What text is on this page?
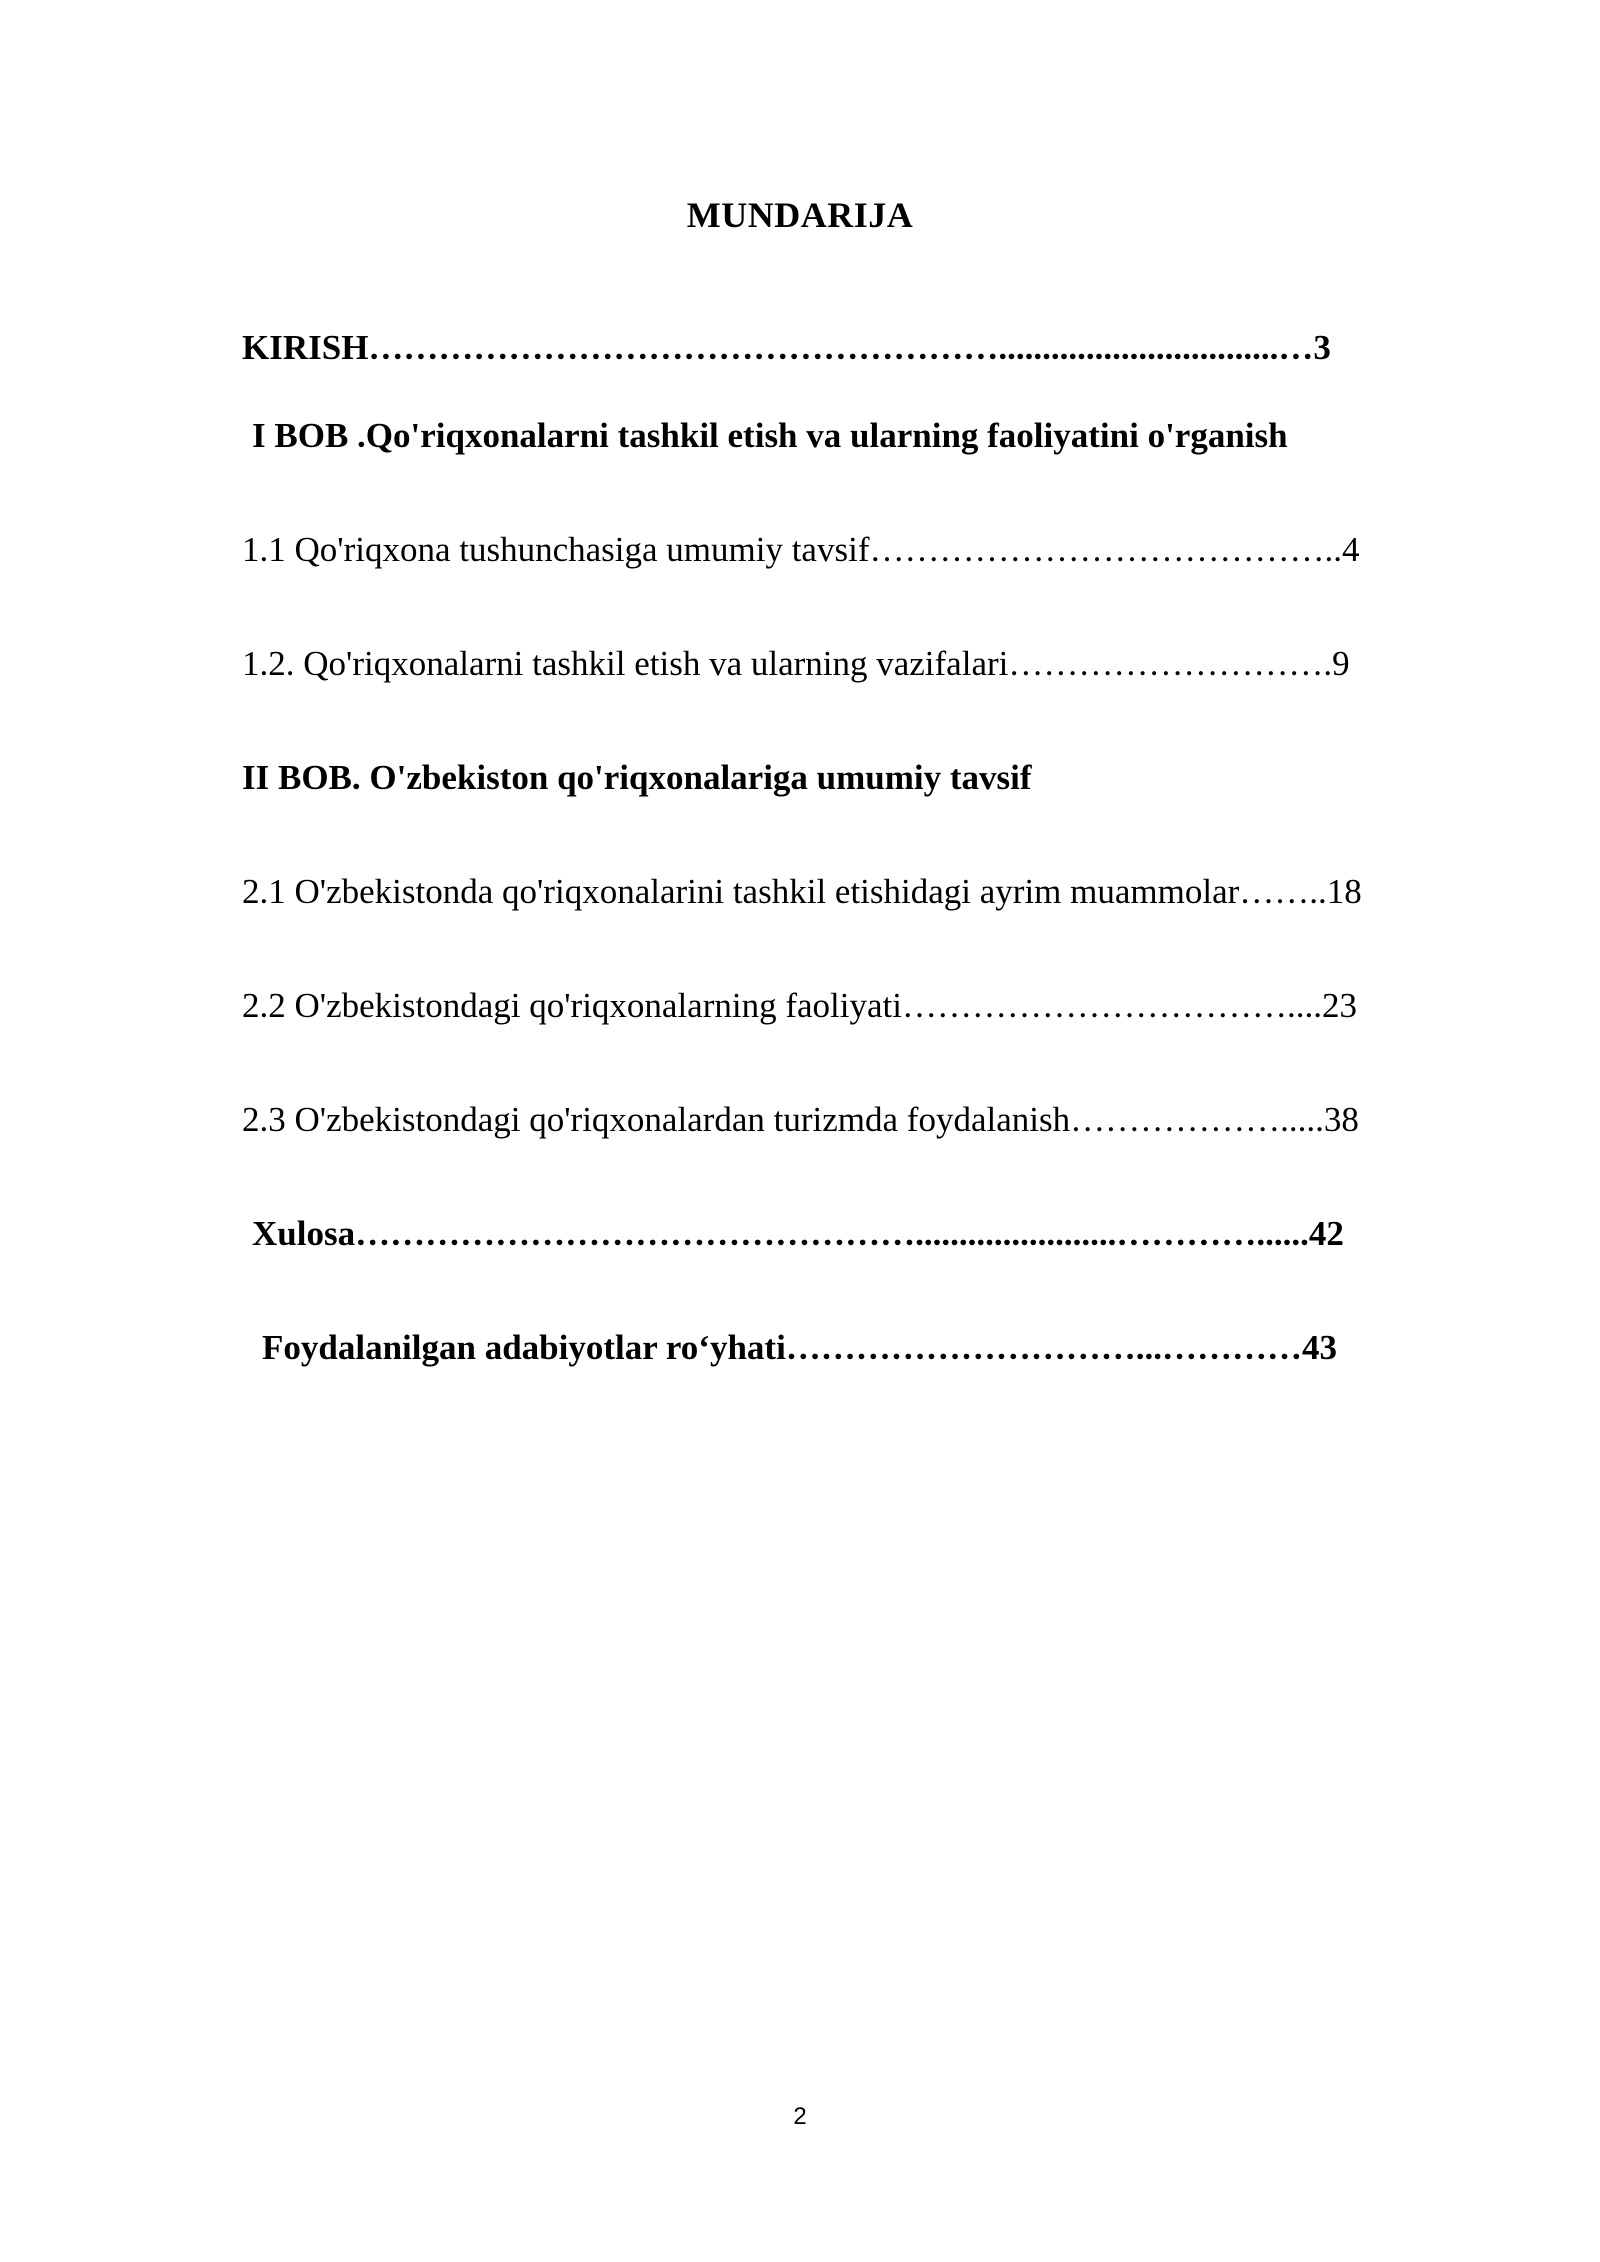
MUNDARIJA
KIRISH………………………………………………................................…3
I BOB .Qo'riqxonalarni tashkil etish va ularning faoliyatini o'rganish
1.1 Qo'riqxona tushunchasiga umumiy tavsif…………………………………..4
1.2. Qo'riqxonalarni tashkil etish va ularning vazifalari……………………….9
II BOB. O'zbekiston qo'riqxonalariga umumiy tavsif
2.1 O'zbekistonda qo'riqxonalarini tashkil etishidagi ayrim muammolar……..18
2.2 O'zbekistondagi qo'riqxonalarning faoliyati……………………………....23
2.3 O'zbekistondagi qo'riqxonalardan turizmda foydalanish……………….....38
Xulosa………………………………………….......................…………......42
Foydalanilgan adabiyotlar ro‘yhati…………………………...…………43
2
